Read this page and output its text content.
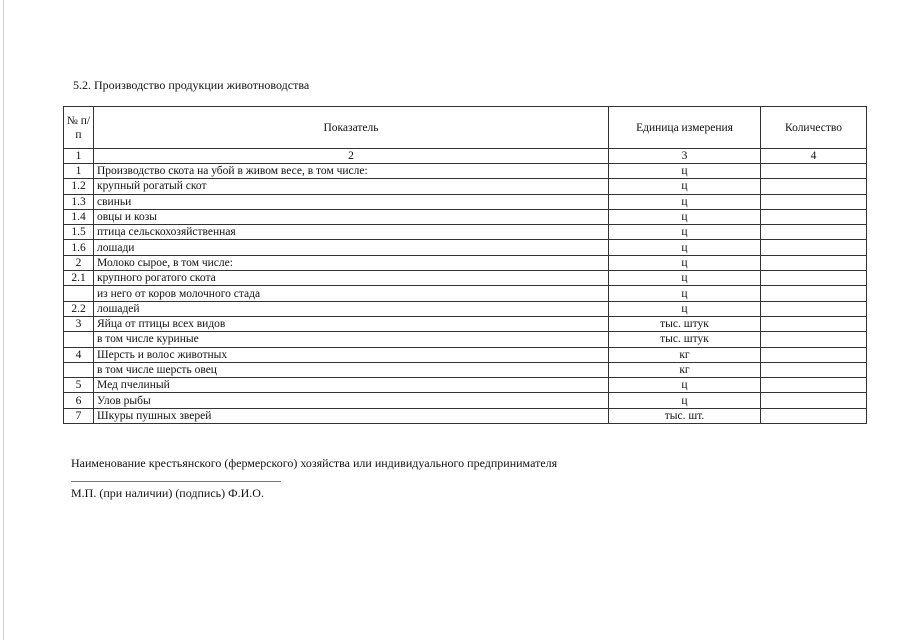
5.2. Производство продукции животноводства
№ п/п	Показатель	Единица измерения	Количество
1	2	3	4
1	Производство скота на убой в живом весе, в том числе:	ц	
1.2	крупный рогатый скот	ц	
1.3	свиньи	ц	
1.4	овцы и козы	ц	
1.5	птица сельскохозяйственная	ц	
1.6	лошади	ц	
2	Молоко сырое, в том числе:	ц	
2.1	крупного рогатого скота	ц	
	из него от коров молочного стада	ц	
2.2	лошадей	ц	
3	Яйца от птицы всех видов	тыс. штук	
	в том числе куриные	тыс. штук	
4	Шерсть и волос животных	кг	
	в том числе шерсть овец	кг	
5	Мед пчелиный	ц	
6	Улов рыбы	ц	
7	Шкуры пушных зверей	тыс. шт.	
Наименование крестьянского (фермерского) хозяйства или индивидуального предпринимателя
М.П. (при наличии) (подпись) Ф.И.О.
